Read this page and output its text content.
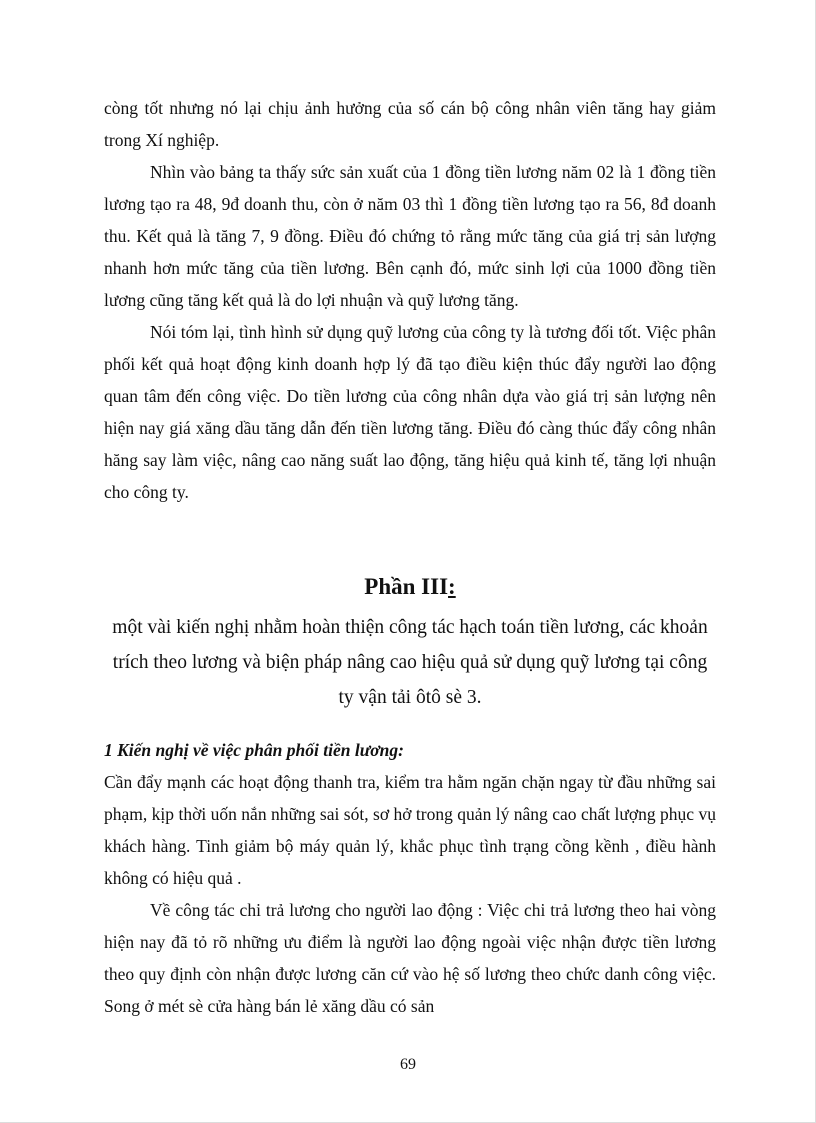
còng tốt nhưng nó lại chịu ảnh hưởng của số cán bộ công nhân viên tăng hay giảm trong Xí nghiệp.

Nhìn vào bảng ta thấy sức sản xuất của 1 đồng tiền lương năm 02 là 1 đồng tiền lương tạo ra 48, 9đ doanh thu, còn ở năm 03 thì 1 đồng tiền lương tạo ra 56, 8đ doanh thu. Kết quả là tăng 7, 9 đồng. Điều đó chứng tỏ rằng mức tăng của giá trị sản lượng nhanh hơn mức tăng của tiền lương. Bên cạnh đó, mức sinh lợi của 1000 đồng tiền lương cũng tăng kết quả là do lợi nhuận và quỹ lương tăng.

Nói tóm lại, tình hình sử dụng quỹ lương của công ty là tương đối tốt. Việc phân phối kết quả hoạt động kinh doanh hợp lý đã tạo điều kiện thúc đẩy người lao động quan tâm đến công việc. Do tiền lương của công nhân dựa vào giá trị sản lượng nên hiện nay giá xăng dầu tăng dẫn đến tiền lương tăng. Điều đó càng thúc đẩy công nhân hăng say làm việc, nâng cao năng suất lao động, tăng hiệu quả kinh tế, tăng lợi nhuận cho công ty.

Phần III:

một vài kiến nghị nhằm hoàn thiện công tác hạch toán tiền lương, các khoản trích theo lương và biện pháp nâng cao hiệu quả sử dụng quỹ lương tại công ty vận tải ôtô sè 3.

1 Kiến nghị về việc phân phối tiền lương:

Cần đẩy mạnh các hoạt động thanh tra, kiểm tra hằm ngăn chặn ngay từ đầu những sai phạm, kịp thời uốn nắn những sai sót, sơ hở trong quản lý nâng cao chất lượng phục vụ khách hàng. Tinh giảm bộ máy quản lý, khắc phục tình trạng cồng kềnh , điều hành không có hiệu quả .

Về công tác chi trả lương cho người lao động : Việc chi trả lương theo hai vòng hiện nay đã tỏ rõ những ưu điểm là người lao động ngoài việc nhận được tiền lương theo quy định còn nhận được lương căn cứ vào hệ số lương theo chức danh công việc. Song ở mét sè cửa hàng bán lẻ xăng dầu có sản

69
